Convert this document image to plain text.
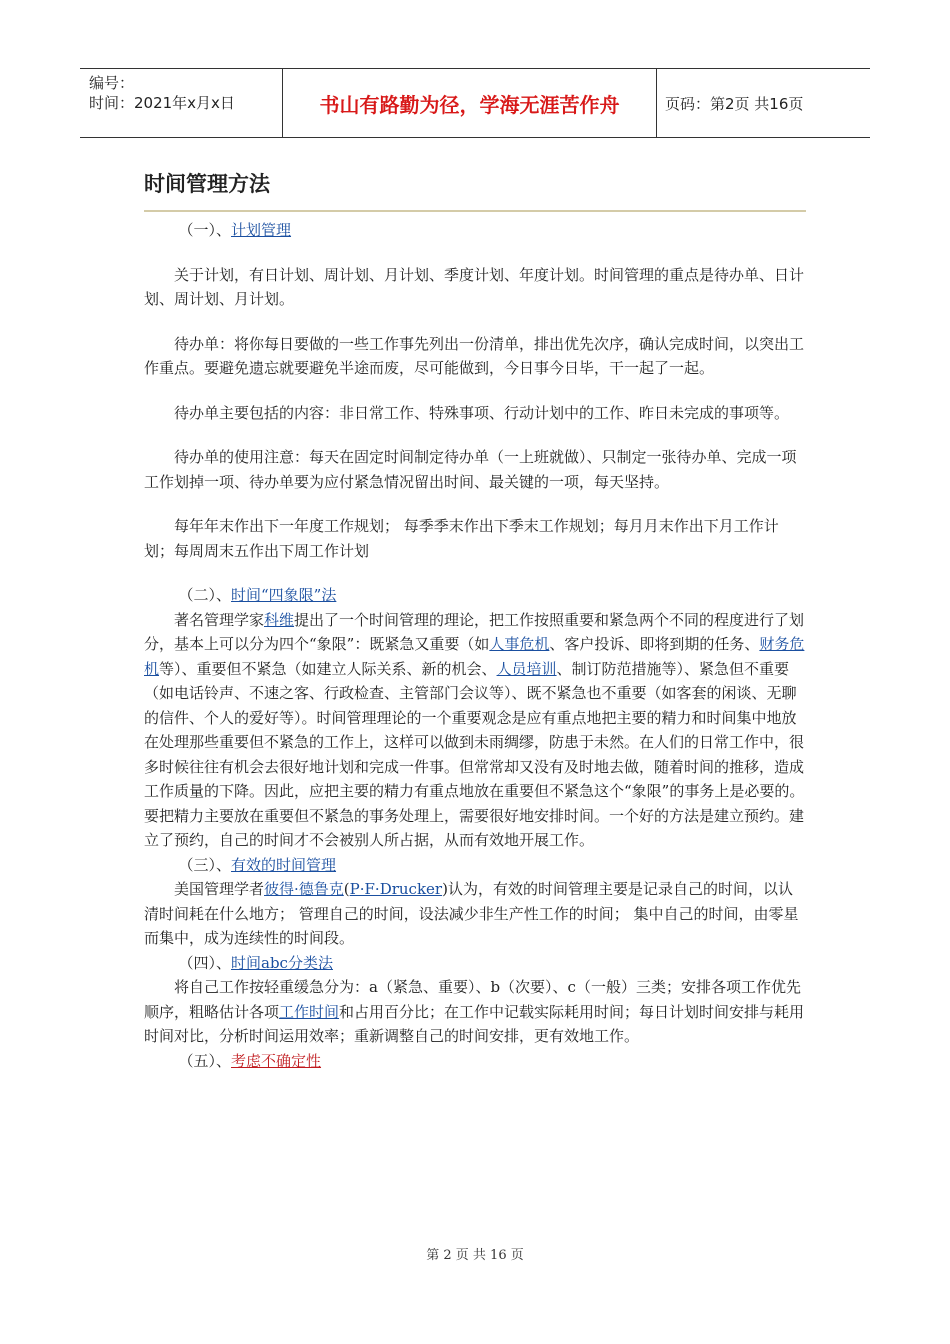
编号：
时间：2021年x月x日	书山有路勤为径，学海无涯苦作舟	页码：第2页 共16页
时间管理方法

（一）、计划管理

关于计划，有日计划、周计划、月计划、季度计划、年度计划。时间管理的重点是待办单、日计划、周计划、月计划。

待办单：将你每日要做的一些工作事先列出一份清单，排出优先次序，确认完成时间，以突出工作重点。要避免遗忘就要避免半途而废，尽可能做到，今日事今日毕，干一起了一起。

待办单主要包括的内容：非日常工作、特殊事项、行动计划中的工作、昨日未完成的事项等。

待办单的使用注意：每天在固定时间制定待办单（一上班就做）、只制定一张待办单、完成一项工作划掉一项、待办单要为应付紧急情况留出时间、最关键的一项，每天坚持。

每年年末作出下一年度工作规划； 每季季末作出下季末工作规划；每月月末作出下月工作计划；每周周末五作出下周工作计划

（二）、时间“四象限”法

著名管理学家科维提出了一个时间管理的理论，把工作按照重要和紧急两个不同的程度进行了划分，基本上可以分为四个“象限”：既紧急又重要（如人事危机、客户投诉、即将到期的任务、财务危机等）、重要但不紧急（如建立人际关系、新的机会、人员培训、制订防范措施等）、紧急但不重要（如电话铃声、不速之客、行政检查、主管部门会议等）、既不紧急也不重要（如客套的闲谈、无聊的信件、个人的爱好等）。时间管理理论的一个重要观念是应有重点地把主要的精力和时间集中地放在处理那些重要但不紧急的工作上，这样可以做到未雨绸缪，防患于未然。在人们的日常工作中，很多时候往往有机会去很好地计划和完成一件事。但常常却又没有及时地去做，随着时间的推移，造成工作质量的下降。因此，应把主要的精力有重点地放在重要但不紧急这个“象限”的事务上是必要的。要把精力主要放在重要但不紧急的事务处理上，需要很好地安排时间。一个好的方法是建立预约。建立了预约，自己的时间才不会被别人所占据，从而有效地开展工作。

（三）、有效的时间管理

美国管理学者彼得·德鲁克(P·F·Drucker)认为，有效的时间管理主要是记录自己的时间，以认清时间耗在什么地方； 管理自己的时间，设法减少非生产性工作的时间； 集中自己的时间，由零星而集中，成为连续性的时间段。

（四）、时间abc分类法

将自己工作按轻重缓急分为：a（紧急、重要）、b（次要）、c（一般）三类；安排各项工作优先顺序，粗略估计各项工作时间和占用百分比；在工作中记载实际耗用时间；每日计划时间安排与耗用时间对比，分析时间运用效率；重新调整自己的时间安排，更有效地工作。

（五）、考虑不确定性

第 2 页 共 16 页
